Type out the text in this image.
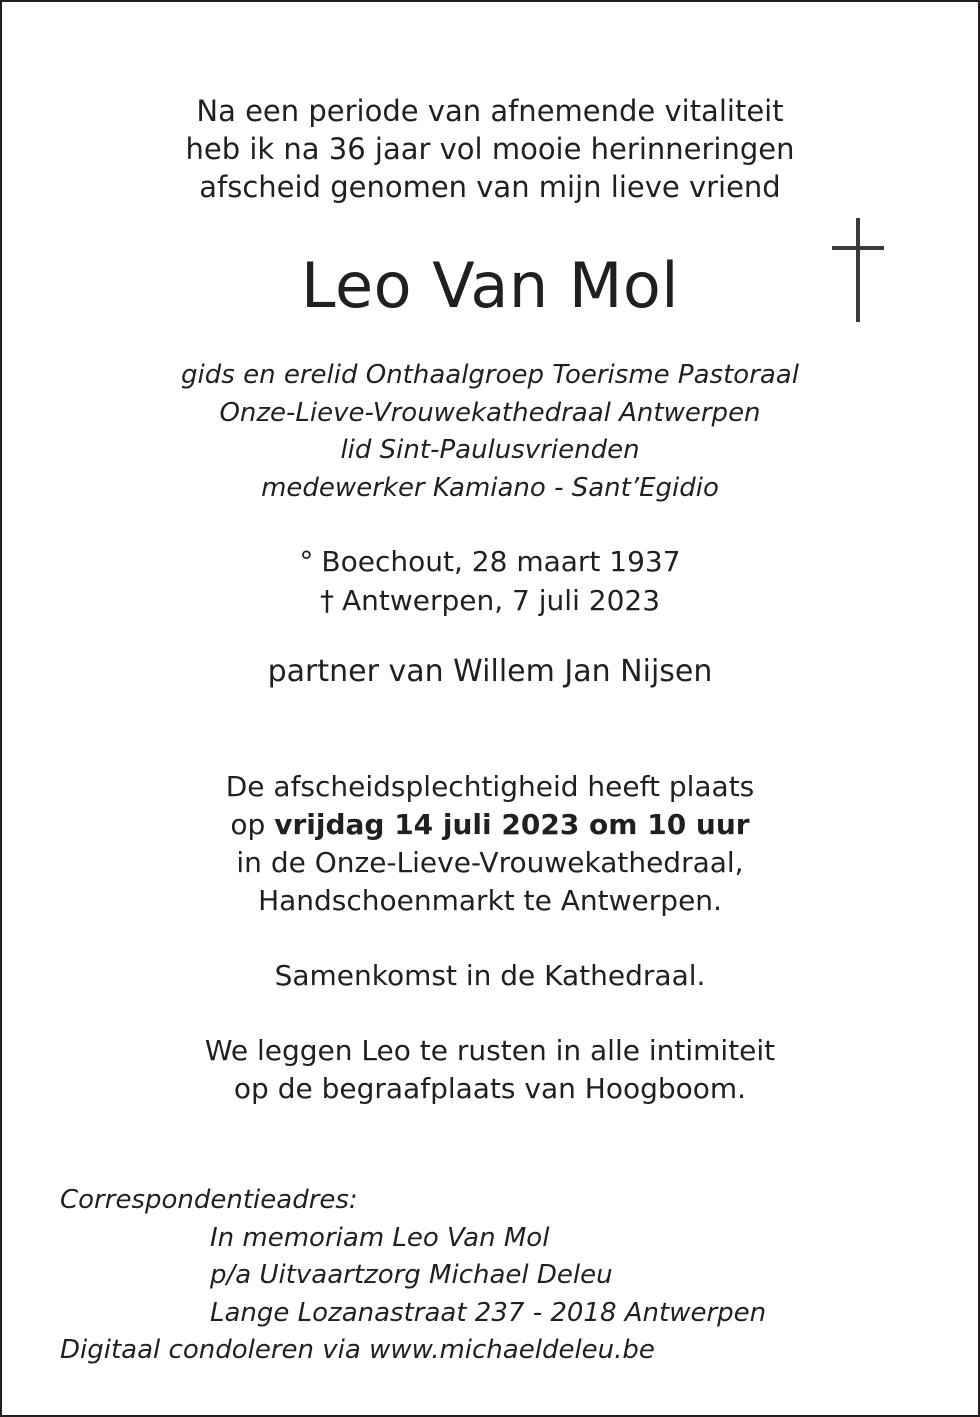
Na een periode van afnemende vitaliteit
heb ik na 36 jaar vol mooie herinneringen
afscheid genomen van mijn lieve vriend
Leo Van Mol
gids en erelid Onthaalgroep Toerisme Pastoraal
Onze-Lieve-Vrouwekathedraal Antwerpen
lid Sint-Paulusvrienden
medewerker Kamiano - Sant’Egidio
° Boechout, 28 maart 1937
† Antwerpen, 7 juli 2023
partner van Willem Jan Nijsen
De afscheidsplechtigheid heeft plaats
op vrijdag 14 juli 2023 om 10 uur
in de Onze-Lieve-Vrouwekathedraal,
Handschoenmarkt te Antwerpen.
Samenkomst in de Kathedraal.
We leggen Leo te rusten in alle intimiteit
op de begraafplaats van Hoogboom.
Correspondentieadres:
In memoriam Leo Van Mol
p/a Uitvaartzorg Michael Deleu
Lange Lozanastraat 237 - 2018 Antwerpen
Digitaal condoleren via www.michaeldeleu.be
